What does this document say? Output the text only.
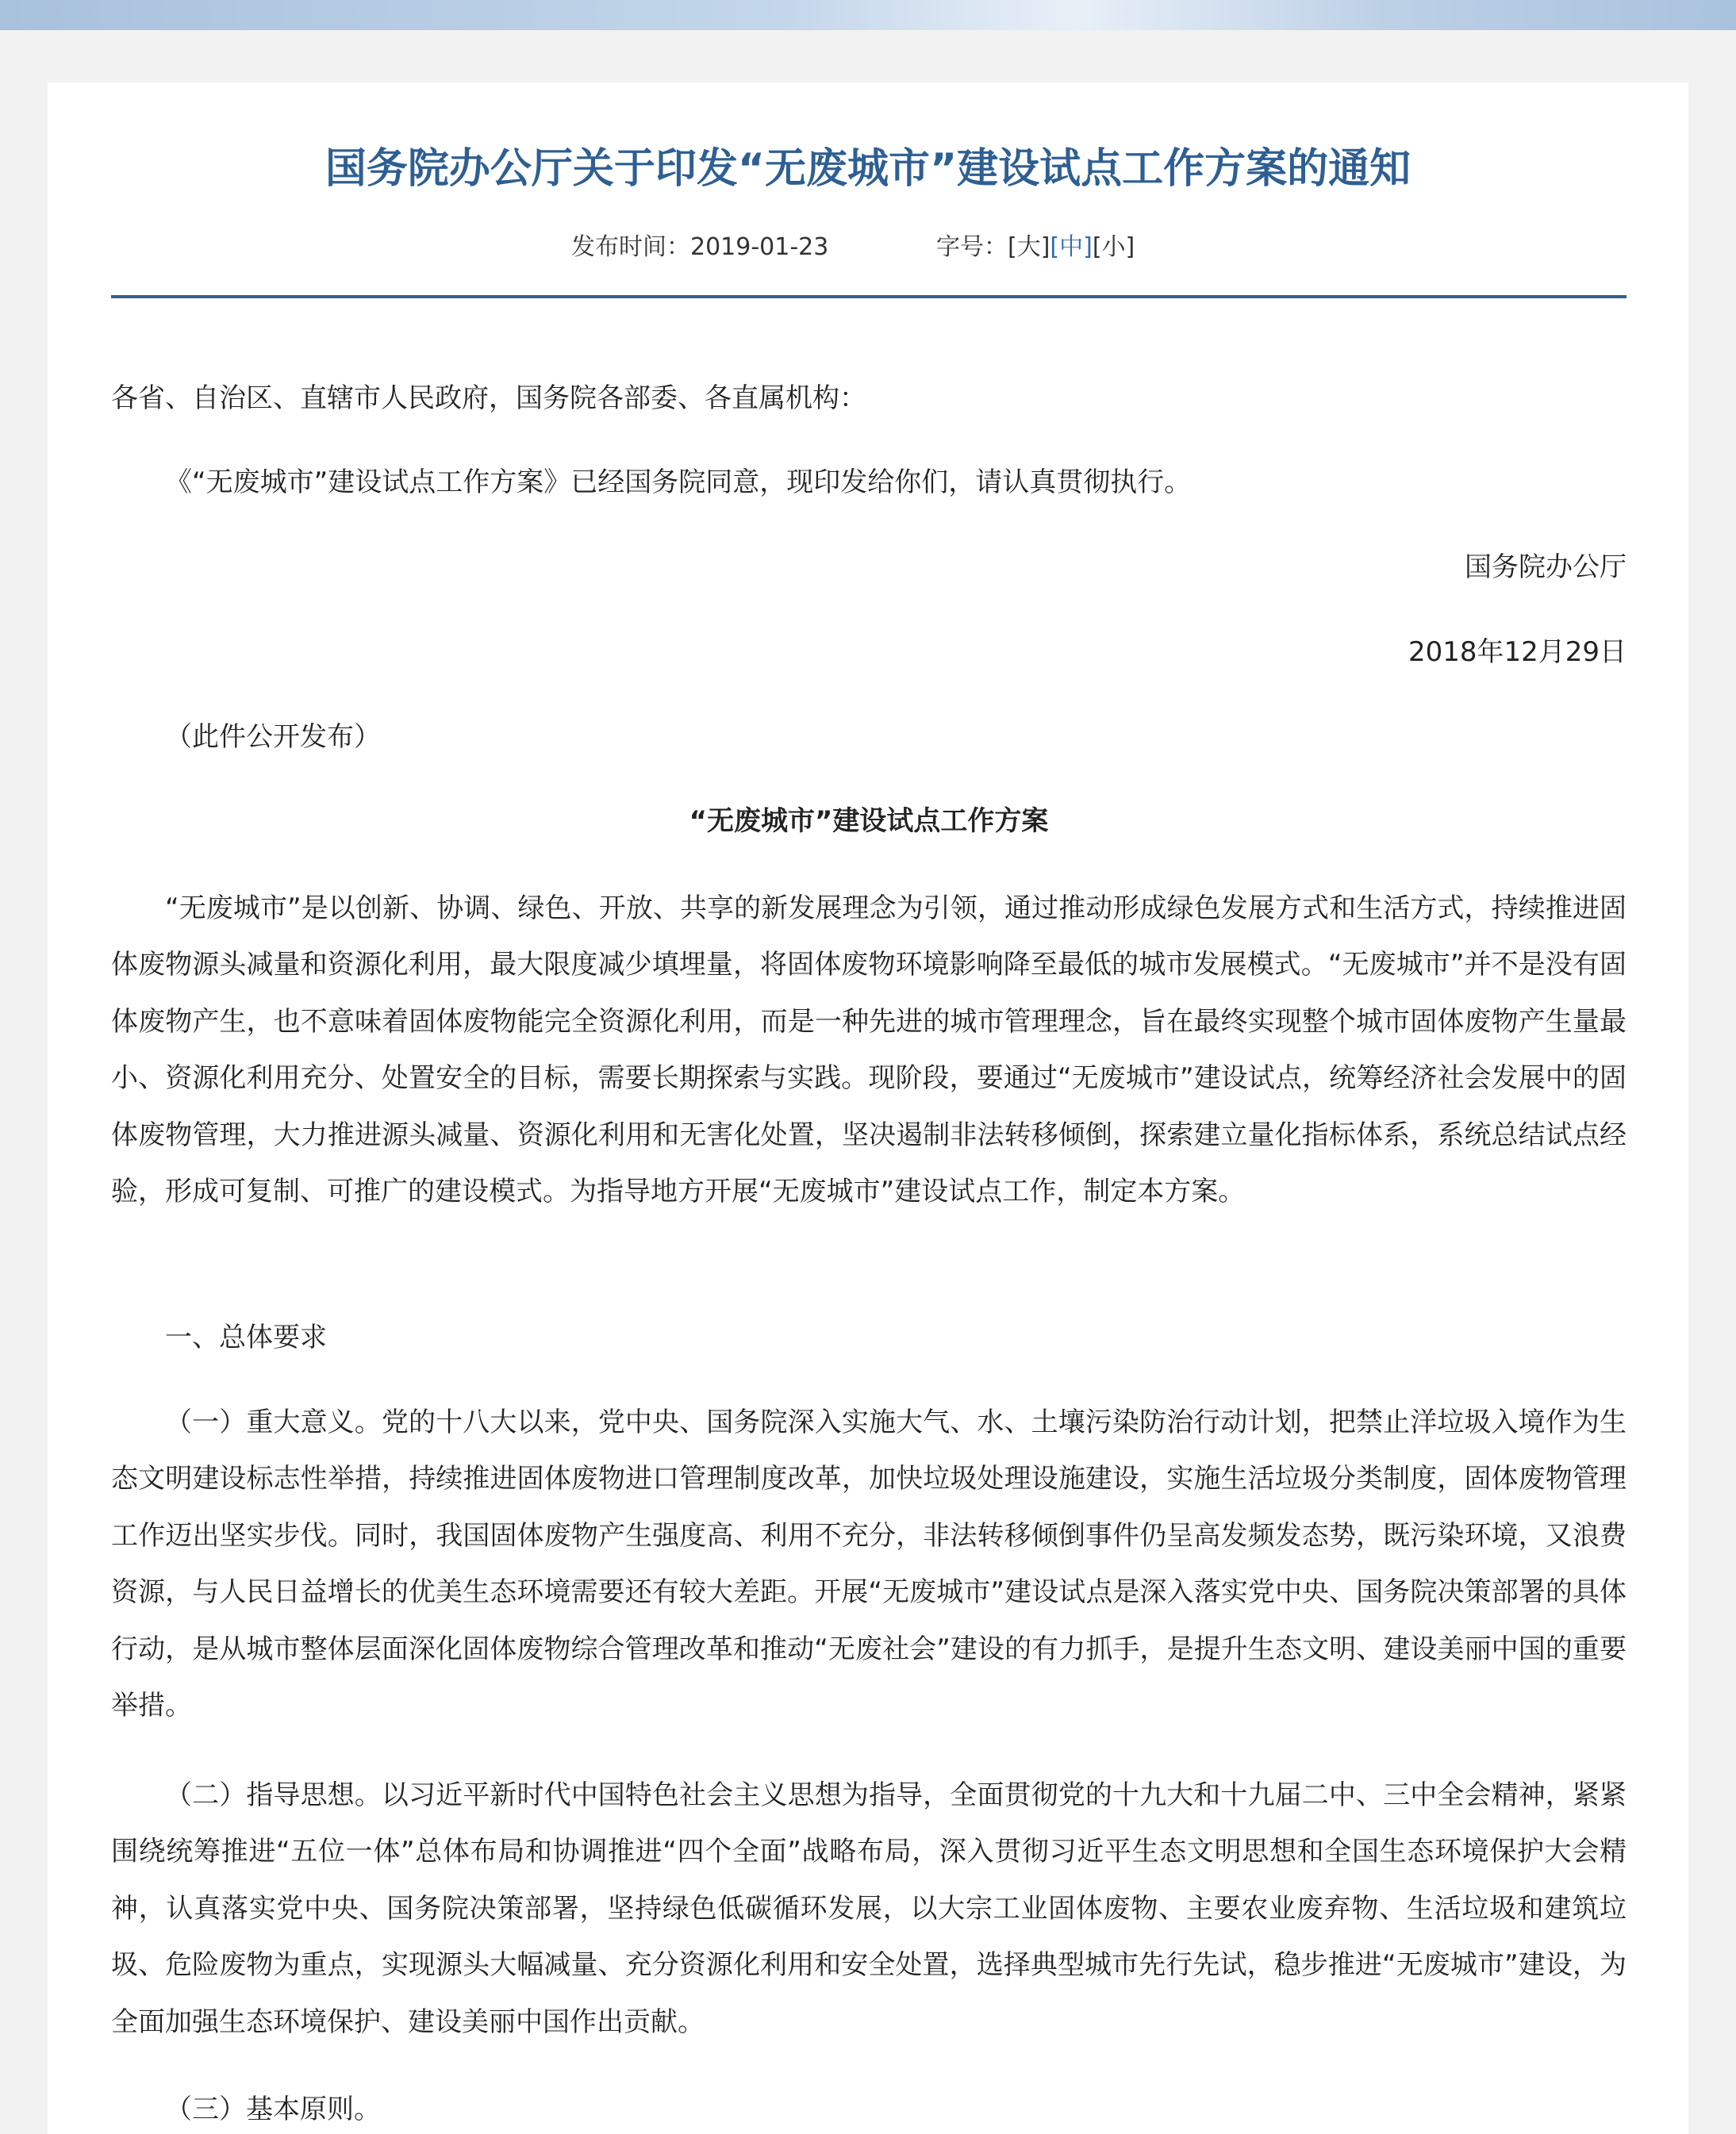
国务院办公厅关于印发“无废城市”建设试点工作方案的通知
发布时间：2019-01-23	字号：[大][中][小]

各省、自治区、直辖市人民政府，国务院各部委、各直属机构：

《“无废城市”建设试点工作方案》已经国务院同意，现印发给你们，请认真贯彻执行。

国务院办公厅

2018年12月29日

（此件公开发布）

“无废城市”建设试点工作方案

“无废城市”是以创新、协调、绿色、开放、共享的新发展理念为引领，通过推动形成绿色发展方式和生活方式，持续推进固体废物源头减量和资源化利用，最大限度减少填埋量，将固体废物环境影响降至最低的城市发展模式。“无废城市”并不是没有固体废物产生，也不意味着固体废物能完全资源化利用，而是一种先进的城市管理理念，旨在最终实现整个城市固体废物产生量最小、资源化利用充分、处置安全的目标，需要长期探索与实践。现阶段，要通过“无废城市”建设试点，统筹经济社会发展中的固体废物管理，大力推进源头减量、资源化利用和无害化处置，坚决遏制非法转移倾倒，探索建立量化指标体系，系统总结试点经验，形成可复制、可推广的建设模式。为指导地方开展“无废城市”建设试点工作，制定本方案。

一、总体要求

（一）重大意义。党的十八大以来，党中央、国务院深入实施大气、水、土壤污染防治行动计划，把禁止洋垃圾入境作为生态文明建设标志性举措，持续推进固体废物进口管理制度改革，加快垃圾处理设施建设，实施生活垃圾分类制度，固体废物管理工作迈出坚实步伐。同时，我国固体废物产生强度高、利用不充分，非法转移倾倒事件仍呈高发频发态势，既污染环境，又浪费资源，与人民日益增长的优美生态环境需要还有较大差距。开展“无废城市”建设试点是深入落实党中央、国务院决策部署的具体行动，是从城市整体层面深化固体废物综合管理改革和推动“无废社会”建设的有力抓手，是提升生态文明、建设美丽中国的重要举措。

（二）指导思想。以习近平新时代中国特色社会主义思想为指导，全面贯彻党的十九大和十九届二中、三中全会精神，紧紧围绕统筹推进“五位一体”总体布局和协调推进“四个全面”战略布局，深入贯彻习近平生态文明思想和全国生态环境保护大会精神，认真落实党中央、国务院决策部署，坚持绿色低碳循环发展，以大宗工业固体废物、主要农业废弃物、生活垃圾和建筑垃圾、危险废物为重点，实现源头大幅减量、充分资源化利用和安全处置，选择典型城市先行先试，稳步推进“无废城市”建设，为全面加强生态环境保护、建设美丽中国作出贡献。

（三）基本原则。
